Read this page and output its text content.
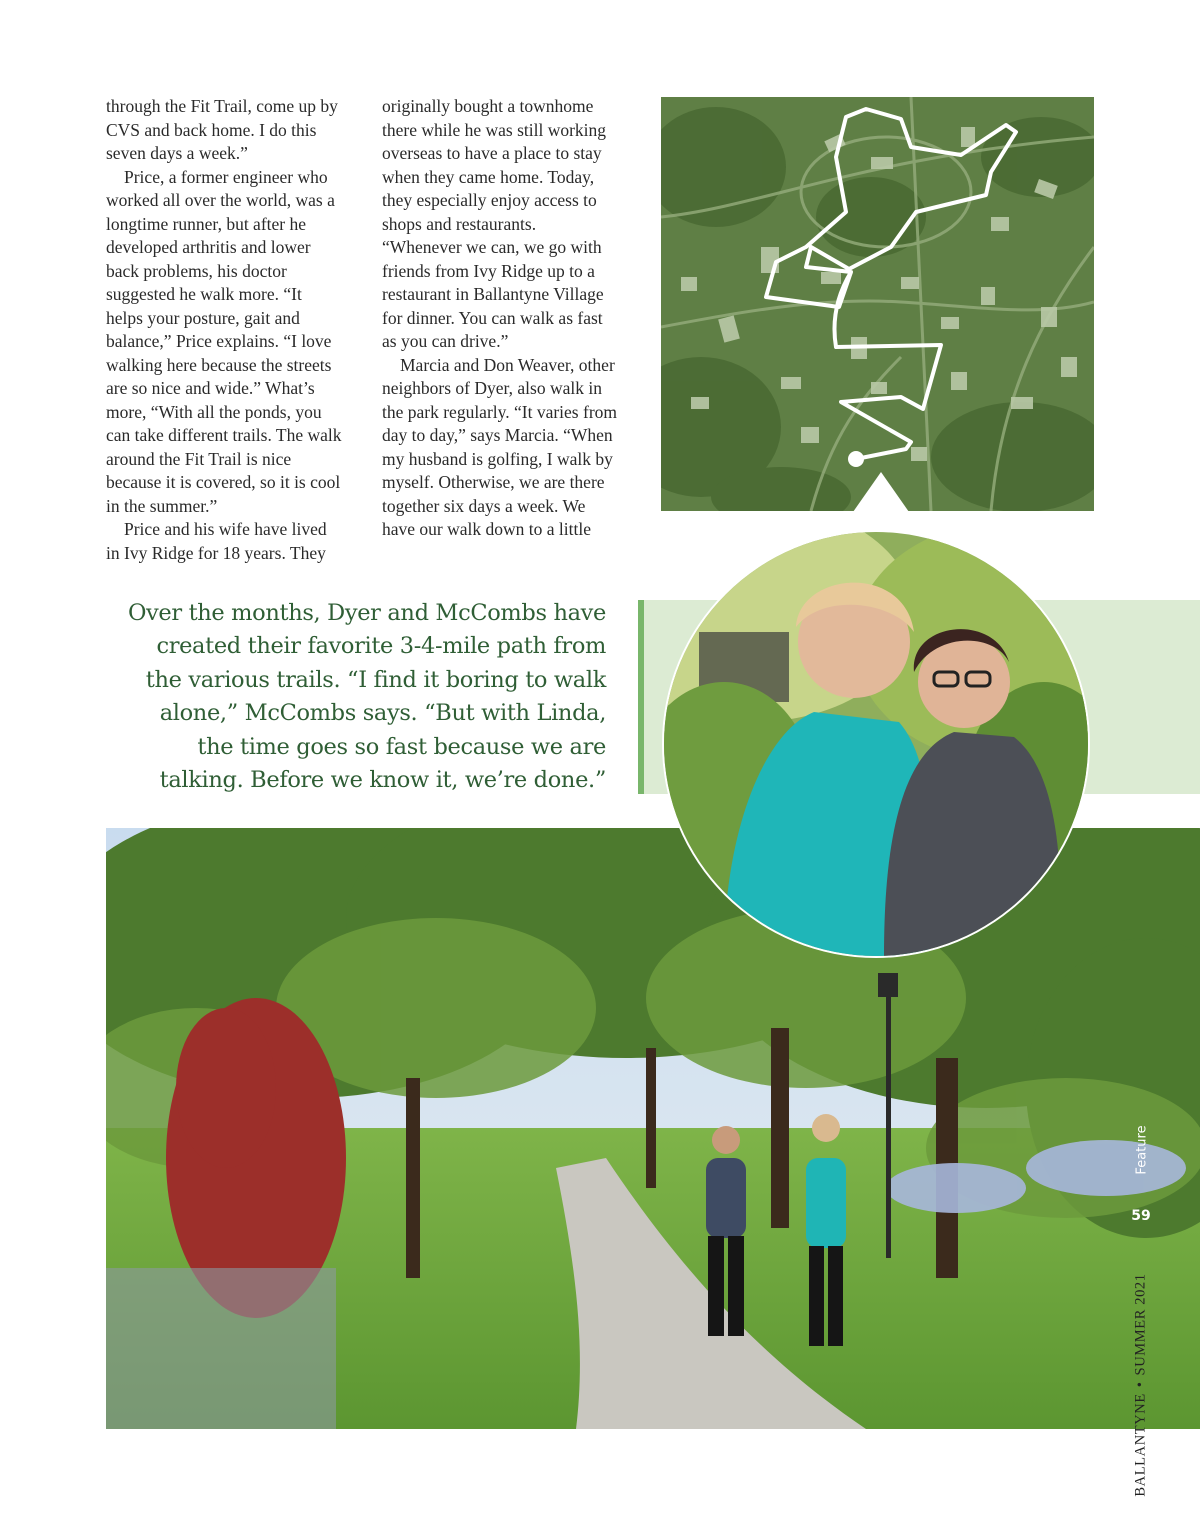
through the Fit Trail, come up by CVS and back home. I do this seven days a week.”

Price, a former engineer who worked all over the world, was a longtime runner, but after he developed arthritis and lower back problems, his doctor suggested he walk more. “It helps your posture, gait and balance,” Price explains. “I love walking here because the streets are so nice and wide.” What’s more, “With all the ponds, you can take different trails. The walk around the Fit Trail is nice because it is covered, so it is cool in the summer.”

Price and his wife have lived in Ivy Ridge for 18 years. They

originally bought a townhome there while he was still working overseas to have a place to stay when they came home. Today, they especially enjoy access to shops and restaurants. “Whenever we can, we go with friends from Ivy Ridge up to a restaurant in Ballantyne Village for dinner. You can walk as fast as you can drive.”

Marcia and Don Weaver, other neighbors of Dyer, also walk in the park regularly. “It varies from day to day,” says Marcia. “When my husband is golfing, I walk by myself. Otherwise, we are there together six days a week. We have our walk down to a little

Over the months, Dyer and McCombs have created their favorite 3-4-mile path from the various trails. “I find it boring to walk alone,” McCombs says. “But with Linda, the time goes so fast because we are talking. Before we know it, we’re done.”

Feature
59
BALLANTYNE•SUMMER 2021
